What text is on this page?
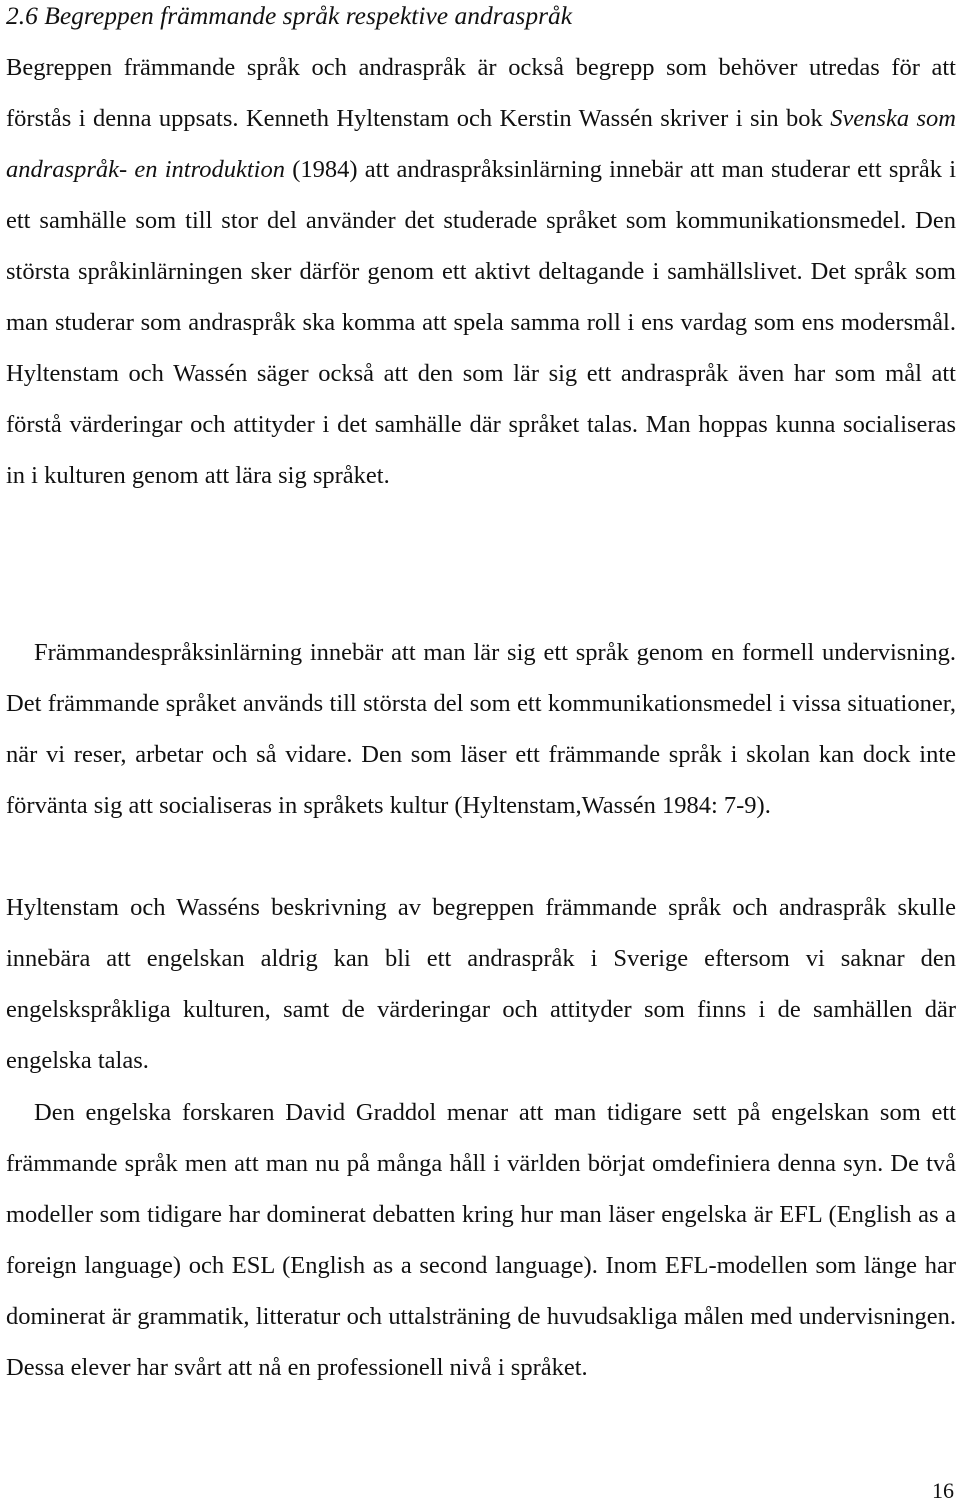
2.6 Begreppen främmande språk respektive andraspråk

Begreppen främmande språk och andraspråk är också begrepp som behöver utredas för att förstås i denna uppsats. Kenneth Hyltenstam och Kerstin Wassén skriver i sin bok Svenska som andraspråk- en introduktion (1984) att andraspråksinlärning innebär att man studerar ett språk i ett samhälle som till stor del använder det studerade språket som kommunikationsmedel. Den största språkinlärningen sker därför genom ett aktivt deltagande i samhällslivet. Det språk som man studerar som andraspråk ska komma att spela samma roll i ens vardag som ens modersmål. Hyltenstam och Wassén säger också att den som lär sig ett andraspråk även har som mål att förstå värderingar och attityder i det samhälle där språket talas. Man hoppas kunna socialiseras in i kulturen genom att lära sig språket.

Främmandespråksinlärning innebär att man lär sig ett språk genom en formell undervisning. Det främmande språket används till största del som ett kommunikationsmedel i vissa situationer, när vi reser, arbetar och så vidare. Den som läser ett främmande språk i skolan kan dock inte förvänta sig att socialiseras in språkets kultur (Hyltenstam,Wassén 1984: 7-9).

Hyltenstam och Wasséns beskrivning av begreppen främmande språk och andraspråk skulle innebära att engelskan aldrig kan bli ett andraspråk i Sverige eftersom vi saknar den engelskspråkliga kulturen, samt de värderingar och attityder som finns i de samhällen där engelska talas.

Den engelska forskaren David Graddol menar att man tidigare sett på engelskan som ett främmande språk men att man nu på många håll i världen börjat omdefiniera denna syn. De två modeller som tidigare har dominerat debatten kring hur man läser engelska är EFL (English as a foreign language) och ESL (English as a second language). Inom EFL-modellen som länge har dominerat är grammatik, litteratur och uttalsträning de huvudsakliga målen med undervisningen. Dessa elever har svårt att nå en professionell nivå i språket.

16
